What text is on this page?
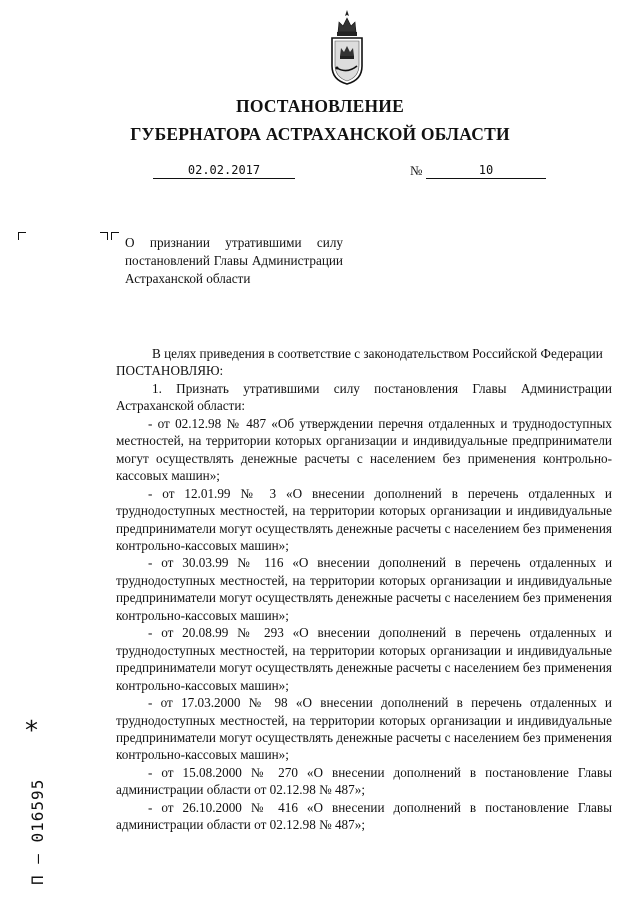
ПОСТАНОВЛЕНИЕ
ГУБЕРНАТОРА АСТРАХАНСКОЙ ОБЛАСТИ
02.02.2017	№	10
О признании утратившими силу постановлений Главы Администрации Астраханской области

В целях приведения в соответствие с законодательством Российской Федерации

ПОСТАНОВЛЯЮ:

1. Признать утратившими силу постановления Главы Администрации Астраханской области:

- от 02.12.98 № 487 «Об утверждении перечня отдаленных и труднодоступных местностей, на территории которых организации и индивидуальные предприниматели могут осуществлять денежные расчеты с населением без применения контрольно-кассовых машин»;

- от 12.01.99 № 3 «О внесении дополнений в перечень отдаленных и труднодоступных местностей, на территории которых организации и индивидуальные предприниматели могут осуществлять денежные расчеты с населением без применения контрольно-кассовых машин»;

- от 30.03.99 № 116 «О внесении дополнений в перечень отдаленных и труднодоступных местностей, на территории которых организации и индивидуальные предприниматели могут осуществлять денежные расчеты с населением без применения контрольно-кассовых машин»;

- от 20.08.99 № 293 «О внесении дополнений в перечень отдаленных и труднодоступных местностей, на территории которых организации и индивидуальные предприниматели могут осуществлять денежные расчеты с населением без применения контрольно-кассовых машин»;

- от 17.03.2000 № 98 «О внесении дополнений в перечень отдаленных и труднодоступных местностей, на территории которых организации и индивидуальные предприниматели могут осуществлять денежные расчеты с населением без применения контрольно-кассовых машин»;

- от 15.08.2000 № 270 «О внесении дополнений в постановление Главы администрации области от 02.12.98 № 487»;

- от 26.10.2000 № 416 «О внесении дополнений в постановление Главы администрации области от 02.12.98 № 487»;

*
П – 016595
